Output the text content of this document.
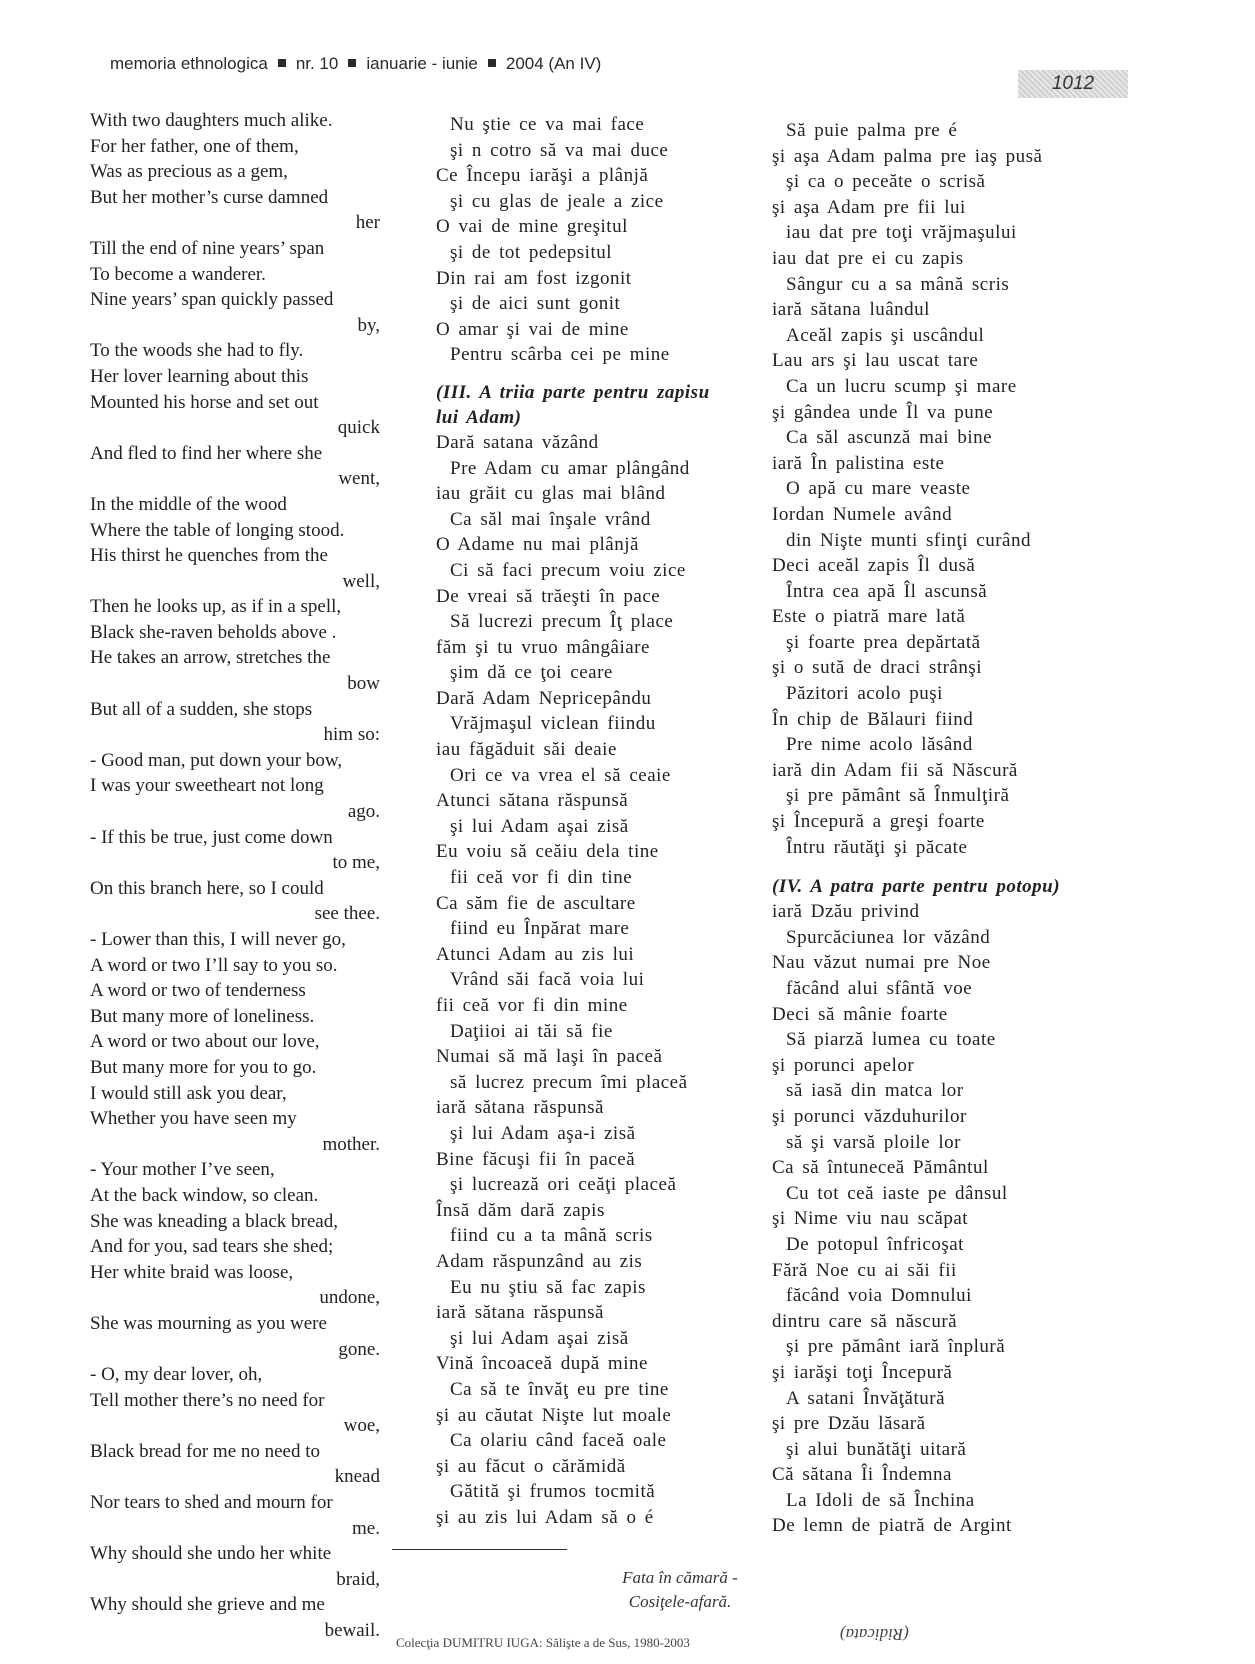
memoria ethnologica nr. 10 ianuarie - iunie 2004 (An IV)
1012
With two daughters much alike.
For her father, one of them,
Was as precious as a gem,
But her mother’s curse damned
her
Till the end of nine years’ span
To become a wanderer.
Nine years’ span quickly passed
by,
To the woods she had to fly.
Her lover learning about this
Mounted his horse and set out
quick
And fled to find her where she
went,
In the middle of the wood
Where the table of longing stood.
His thirst he quenches from the
well,
Then he looks up, as if in a spell,
Black she-raven beholds above .
He takes an arrow, stretches the
bow
But all of a sudden, she stops
him so:
- Good man, put down your bow,
I was your sweetheart not long
ago.
- If this be true, just come down
to me,
On this branch here, so I could
see thee.
- Lower than this, I will never go,
A word or two I’ll say to you so.
A word or two of tenderness
But many more of loneliness.
A word or two about our love,
But many more for you to go.
I would still ask you dear,
Whether you have seen my
mother.
- Your mother I’ve seen,
At the back window, so clean.
She was kneading a black bread,
And for you, sad tears she shed;
Her white braid was loose,
undone,
She was mourning as you were
gone.
- O, my dear lover, oh,
Tell mother there’s no need for
woe,
Black bread for me no need to
knead
Nor tears to shed and mourn for
me.
Why should she undo her white
braid,
Why should she grieve and me
bewail.
Nu ştie ce va mai face
şi n cotro să va mai duce
Ce Începu iarăşi a plânjă
şi cu glas de jeale a zice
O vai de mine greşitul
şi de tot pedepsitul
Din rai am fost izgonit
şi de aici sunt gonit
O amar şi vai de mine
Pentru scârba cei pe mine
(III. A triia parte pentru zapisu lui Adam)
Dară satana văzând
Pre Adam cu amar plângând
iau grăit cu glas mai blând
Ca săl mai înşale vrând
O Adame nu mai plânjă
Ci să faci precum voiu zice
De vreai să trăeşti în pace
Să lucrezi precum Îţ place
făm şi tu vruo mângâiare
şim dă ce ţoi ceare
Dară Adam Nepricepându
Vrăjmaşul viclean fiindu
iau făgăduit săi deaie
Ori ce va vrea el să ceaie
Atunci sătana răspunsă
şi lui Adam aşai zisă
Eu voiu să ceăiu dela tine
fii ceă vor fi din tine
Ca săm fie de ascultare
fiind eu Înpărat mare
Atunci Adam au zis lui
Vrând săi facă voia lui
fii ceă vor fi din mine
Daţiioi ai tăi să fie
Numai să mă laşi în paceă
să lucrez precum îmi placeă
iară sătana răspunsă
şi lui Adam aşa-i zisă
Bine făcuşi fii în paceă
şi lucrează ori ceăţi placeă
Însă dăm dară zapis
fiind cu a ta mână scris
Adam răspunzând au zis
Eu nu ştiu să fac zapis
iară sătana răspunsă
şi lui Adam aşai zisă
Vină încoaceă după mine
Ca să te învăţ eu pre tine
şi au căutat Nişte lut moale
Ca olariu când faceă oale
şi au făcut o cărămidă
Gătită şi frumos tocmită
şi au zis lui Adam să o é
Să puie palma pre é
şi aşa Adam palma pre iaş pusă
şi ca o peceăte o scrisă
şi aşa Adam pre fii lui
iau dat pre toţi vrăjmaşului
iau dat pre ei cu zapis
Sângur cu a sa mână scris
iară sătana luândul
Aceăl zapis şi uscândul
Lau ars şi lau uscat tare
Ca un lucru scump şi mare
şi gândea unde Îl va pune
Ca săl ascunză mai bine
iară În palistina este
O apă cu mare veaste
Iordan Numele având
din Nişte munti sfinţi curând
Deci aceăl zapis Îl dusă
Întra cea apă Îl ascunsă
Este o piatră mare lată
şi foarte prea depărtată
şi o sută de draci strânşi
Păzitori acolo puşi
În chip de Bălauri fiind
Pre nime acolo lăsând
iară din Adam fii să Născură
şi pre pământ să Înmulţiră
şi Începură a greşi foarte
Întru răutăţi şi păcate
(IV. A patra parte pentru potopu)
iară Dzău privind
Spurcăciunea lor văzând
Nau văzut numai pre Noe
făcând alui sfântă voe
Deci să mânie foarte
Să piarză lumea cu toate
şi porunci apelor
să iasă din matca lor
şi porunci văzduhurilor
să şi varsă ploile lor
Ca să întuneceă Pământul
Cu tot ceă iaste pe dânsul
şi Nime viu nau scăpat
De potopul înfricoşat
Fără Noe cu ai săi fii
făcând voia Domnului
dintru care să născură
şi pre pământ iară înplură
şi iarăşi toţi Începură
A satani Învăţătură
şi pre Dzău lăsară
şi alui bunătăţi uitară
Că sătana Îi Îndemna
La Idoli de să Închina
De lemn de piatră de Argint
Fata în cămară -
Cosiţele-afară.
Colecţia DUMITRU IUGA: Sălişte a de Sus, 1980-2003	(Ridicata)
